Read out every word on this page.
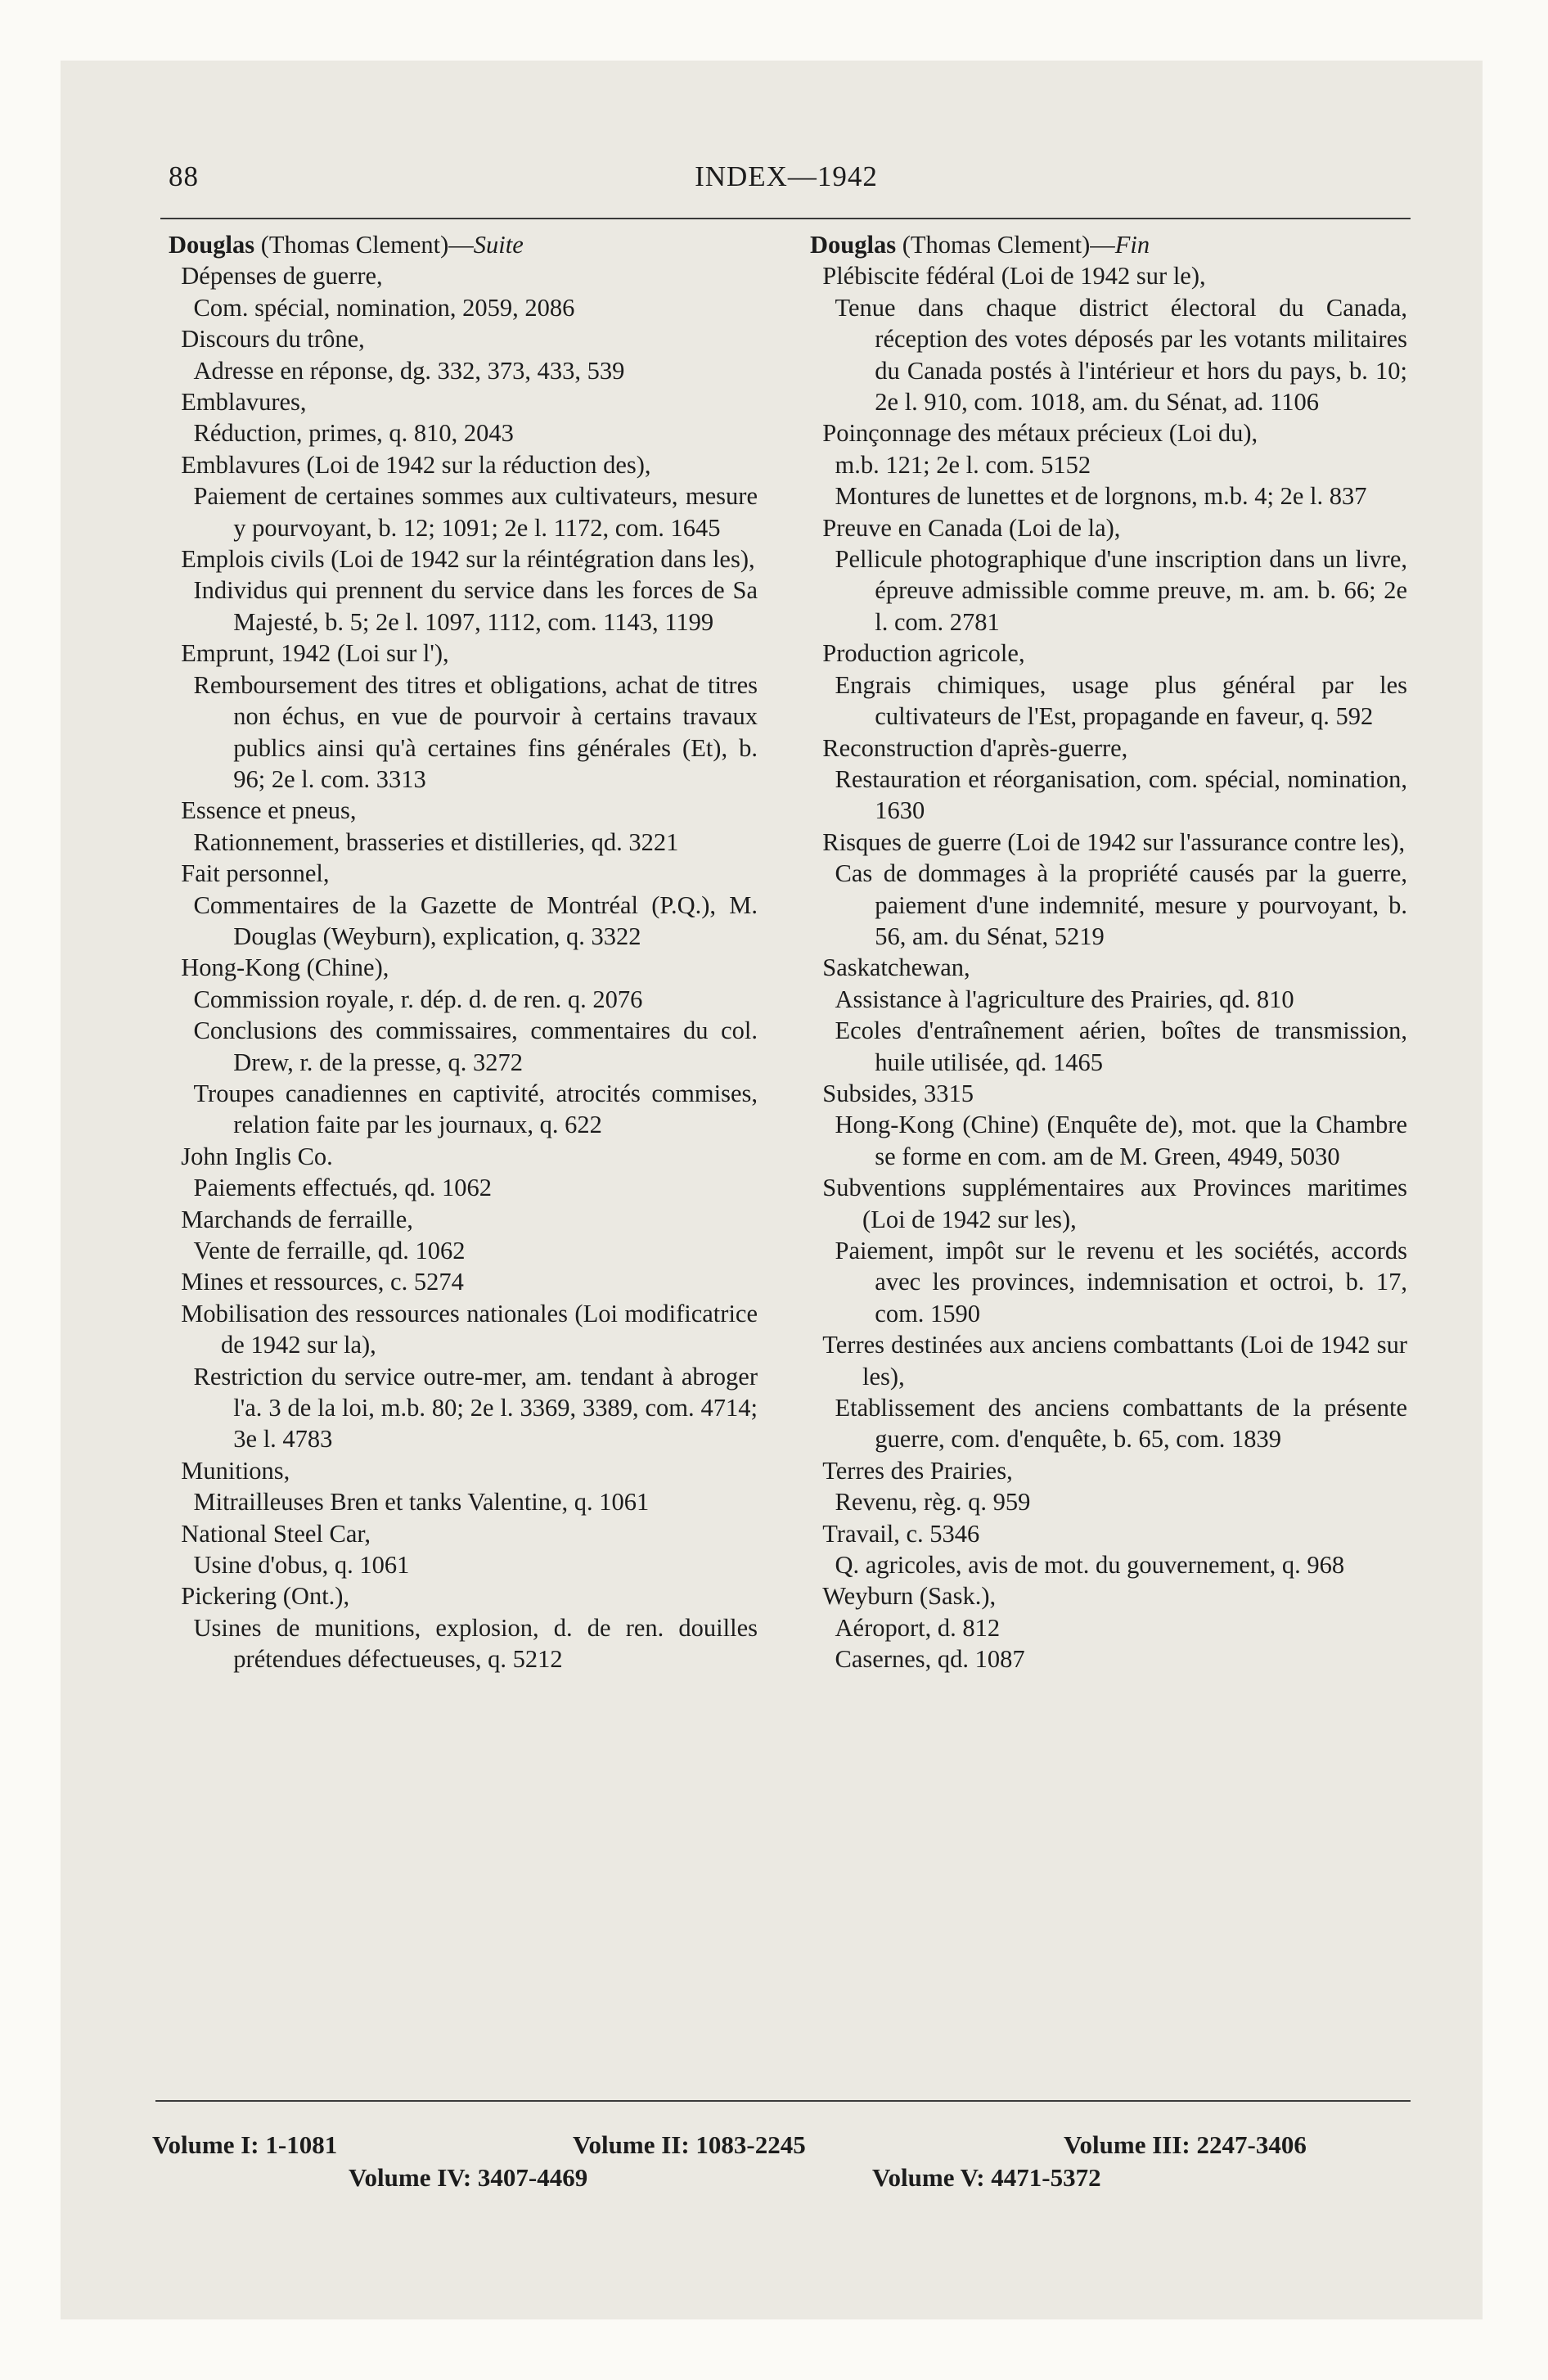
88	INDEX—1942
Douglas (Thomas Clement)—Suite
Dépenses de guerre,
Com. spécial, nomination, 2059, 2086
Discours du trône,
Adresse en réponse, dg. 332, 373, 433, 539
Emblavures,
Réduction, primes, q. 810, 2043
Emblavures (Loi de 1942 sur la réduction des),
Paiement de certaines sommes aux cultivateurs, mesure y pourvoyant, b. 12; 1091; 2e l. 1172, com. 1645
Emplois civils (Loi de 1942 sur la réintégration dans les),
Individus qui prennent du service dans les forces de Sa Majesté, b. 5; 2e l. 1097, 1112, com. 1143, 1199
Emprunt, 1942 (Loi sur l'),
Remboursement des titres et obligations, achat de titres non échus, en vue de pourvoir à certains travaux publics ainsi qu'à certaines fins générales (Et), b. 96; 2e l. com. 3313
Essence et pneus,
Rationnement, brasseries et distilleries, qd. 3221
Fait personnel,
Commentaires de la Gazette de Montréal (P.Q.), M. Douglas (Weyburn), explication, q. 3322
Hong-Kong (Chine),
Commission royale, r. dép. d. de ren. q. 2076
Conclusions des commissaires, commentaires du col. Drew, r. de la presse, q. 3272
Troupes canadiennes en captivité, atrocités commises, relation faite par les journaux, q. 622
John Inglis Co.
Paiements effectués, qd. 1062
Marchands de ferraille,
Vente de ferraille, qd. 1062
Mines et ressources, c. 5274
Mobilisation des ressources nationales (Loi modificatrice de 1942 sur la),
Restriction du service outre-mer, am. tendant à abroger l'a. 3 de la loi, m.b. 80; 2e l. 3369, 3389, com. 4714; 3e l. 4783
Munitions,
Mitrailleuses Bren et tanks Valentine, q. 1061
National Steel Car,
Usine d'obus, q. 1061
Pickering (Ont.),
Usines de munitions, explosion, d. de ren. douilles prétendues défectueuses, q. 5212
Douglas (Thomas Clement)—Fin
Plébiscite fédéral (Loi de 1942 sur le),
Tenue dans chaque district électoral du Canada, réception des votes déposés par les votants militaires du Canada postés à l'intérieur et hors du pays, b. 10; 2e l. 910, com. 1018, am. du Sénat, ad. 1106
Poinçonnage des métaux précieux (Loi du),
m.b. 121; 2e l. com. 5152
Montures de lunettes et de lorgnons, m.b. 4; 2e l. 837
Preuve en Canada (Loi de la),
Pellicule photographique d'une inscription dans un livre, épreuve admissible comme preuve, m. am. b. 66; 2e l. com. 2781
Production agricole,
Engrais chimiques, usage plus général par les cultivateurs de l'Est, propagande en faveur, q. 592
Reconstruction d'après-guerre,
Restauration et réorganisation, com. spécial, nomination, 1630
Risques de guerre (Loi de 1942 sur l'assurance contre les),
Cas de dommages à la propriété causés par la guerre, paiement d'une indemnité, mesure y pourvoyant, b. 56, am. du Sénat, 5219
Saskatchewan,
Assistance à l'agriculture des Prairies, qd. 810
Ecoles d'entraînement aérien, boîtes de transmission, huile utilisée, qd. 1465
Subsides, 3315
Hong-Kong (Chine) (Enquête de), mot. que la Chambre se forme en com. am de M. Green, 4949, 5030
Subventions supplémentaires aux Provinces maritimes (Loi de 1942 sur les),
Paiement, impôt sur le revenu et les sociétés, accords avec les provinces, indemnisation et octroi, b. 17, com. 1590
Terres destinées aux anciens combattants (Loi de 1942 sur les),
Etablissement des anciens combattants de la présente guerre, com. d'enquête, b. 65, com. 1839
Terres des Prairies,
Revenu, règ. q. 959
Travail, c. 5346
Q. agricoles, avis de mot. du gouvernement, q. 968
Weyburn (Sask.),
Aéroport, d. 812
Casernes, qd. 1087
Volume I: 1-1081	Volume II: 1083-2245	Volume III: 2247-3406
Volume IV: 3407-4469	Volume V: 4471-5372
